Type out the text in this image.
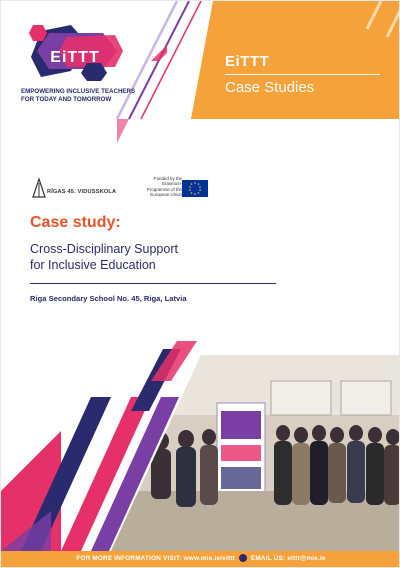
EiTTT
EMPOWERING INCLUSIVE TEACHERS FOR TODAY AND TOMORROW
EiTTT
Case Studies
RĪGAS 45. VIDUSSKOLA
Funded by the Erasmus+ Programme of the European Union
Case study:
Cross-Disciplinary Support
for Inclusive Education
Riga Secondary School No. 45, Riga, Latvia
FOR MORE INFORMATION VISIT: www.mie.ie/eittt EMAIL US: eittt@mie.ie
